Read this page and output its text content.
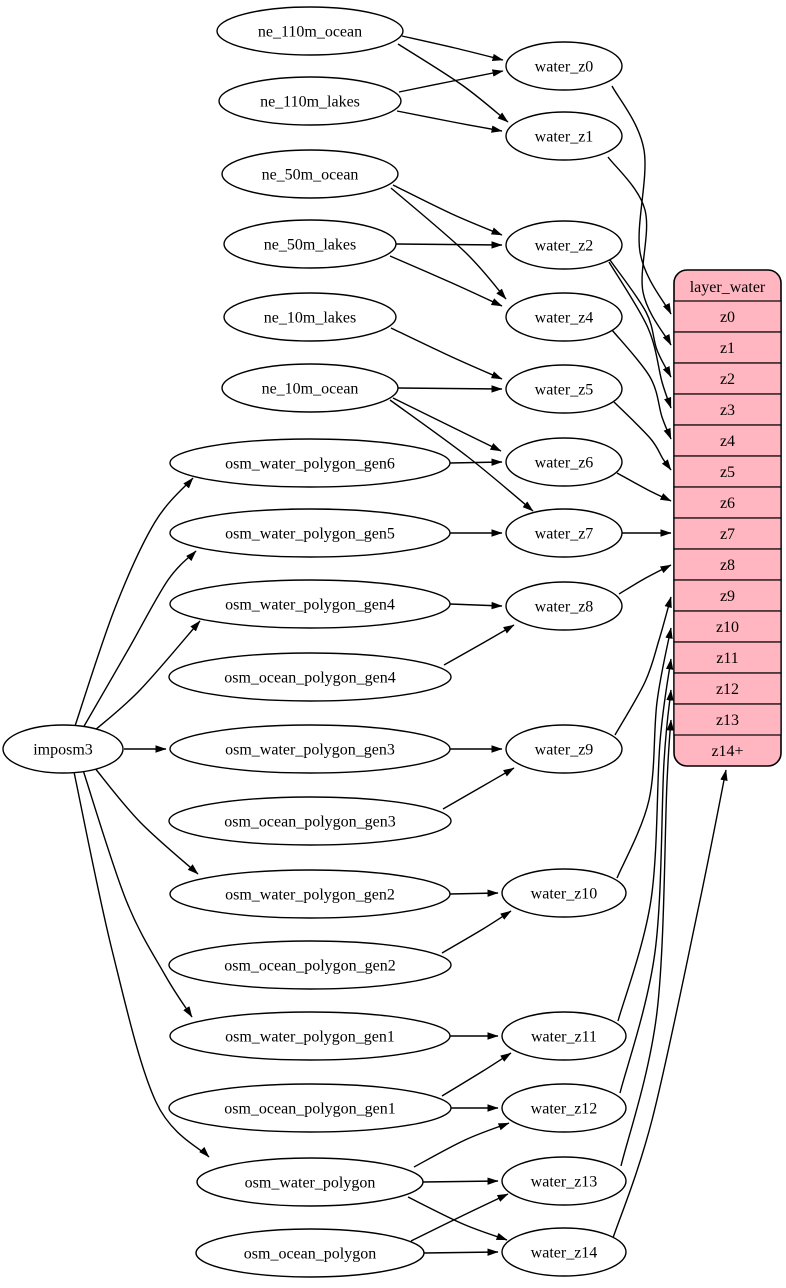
imposm3
ne_110m_ocean
ne_110m_lakes
ne_50m_ocean
ne_50m_lakes
ne_10m_lakes
ne_10m_ocean
osm_water_polygon_gen6
osm_water_polygon_gen5
osm_water_polygon_gen4
osm_ocean_polygon_gen4
osm_water_polygon_gen3
osm_ocean_polygon_gen3
osm_water_polygon_gen2
osm_ocean_polygon_gen2
osm_water_polygon_gen1
osm_ocean_polygon_gen1
osm_water_polygon
osm_ocean_polygon
water_z0
water_z1
water_z2
water_z4
water_z5
water_z6
water_z7
water_z8
water_z9
water_z10
water_z11
water_z12
water_z13
water_z14
layer_water
z0
z1
z2
z3
z4
z5
z6
z7
z8
z9
z10
z11
z12
z13
z14+
